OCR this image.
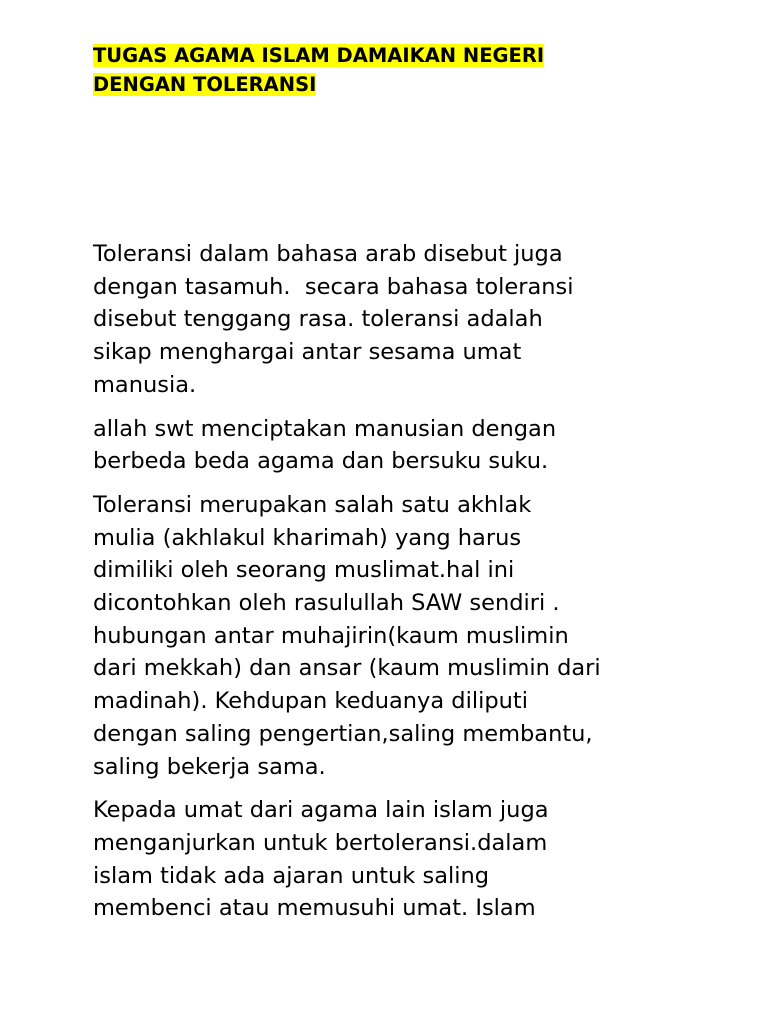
TUGAS AGAMA ISLAM DAMAIKAN NEGERI
DENGAN TOLERANSI

Toleransi dalam bahasa arab disebut juga
dengan tasamuh.  secara bahasa toleransi
disebut tenggang rasa. toleransi adalah
sikap menghargai antar sesama umat
manusia.

allah swt menciptakan manusian dengan
berbeda beda agama dan bersuku suku.

Toleransi merupakan salah satu akhlak
mulia (akhlakul kharimah) yang harus
dimiliki oleh seorang muslimat.hal ini
dicontohkan oleh rasulullah SAW sendiri .
hubungan antar muhajirin(kaum muslimin
dari mekkah) dan ansar (kaum muslimin dari
madinah). Kehdupan keduanya diliputi
dengan saling pengertian,saling membantu,
saling bekerja sama.

Kepada umat dari agama lain islam juga
menganjurkan untuk bertoleransi.dalam
islam tidak ada ajaran untuk saling
membenci atau memusuhi umat. Islam
